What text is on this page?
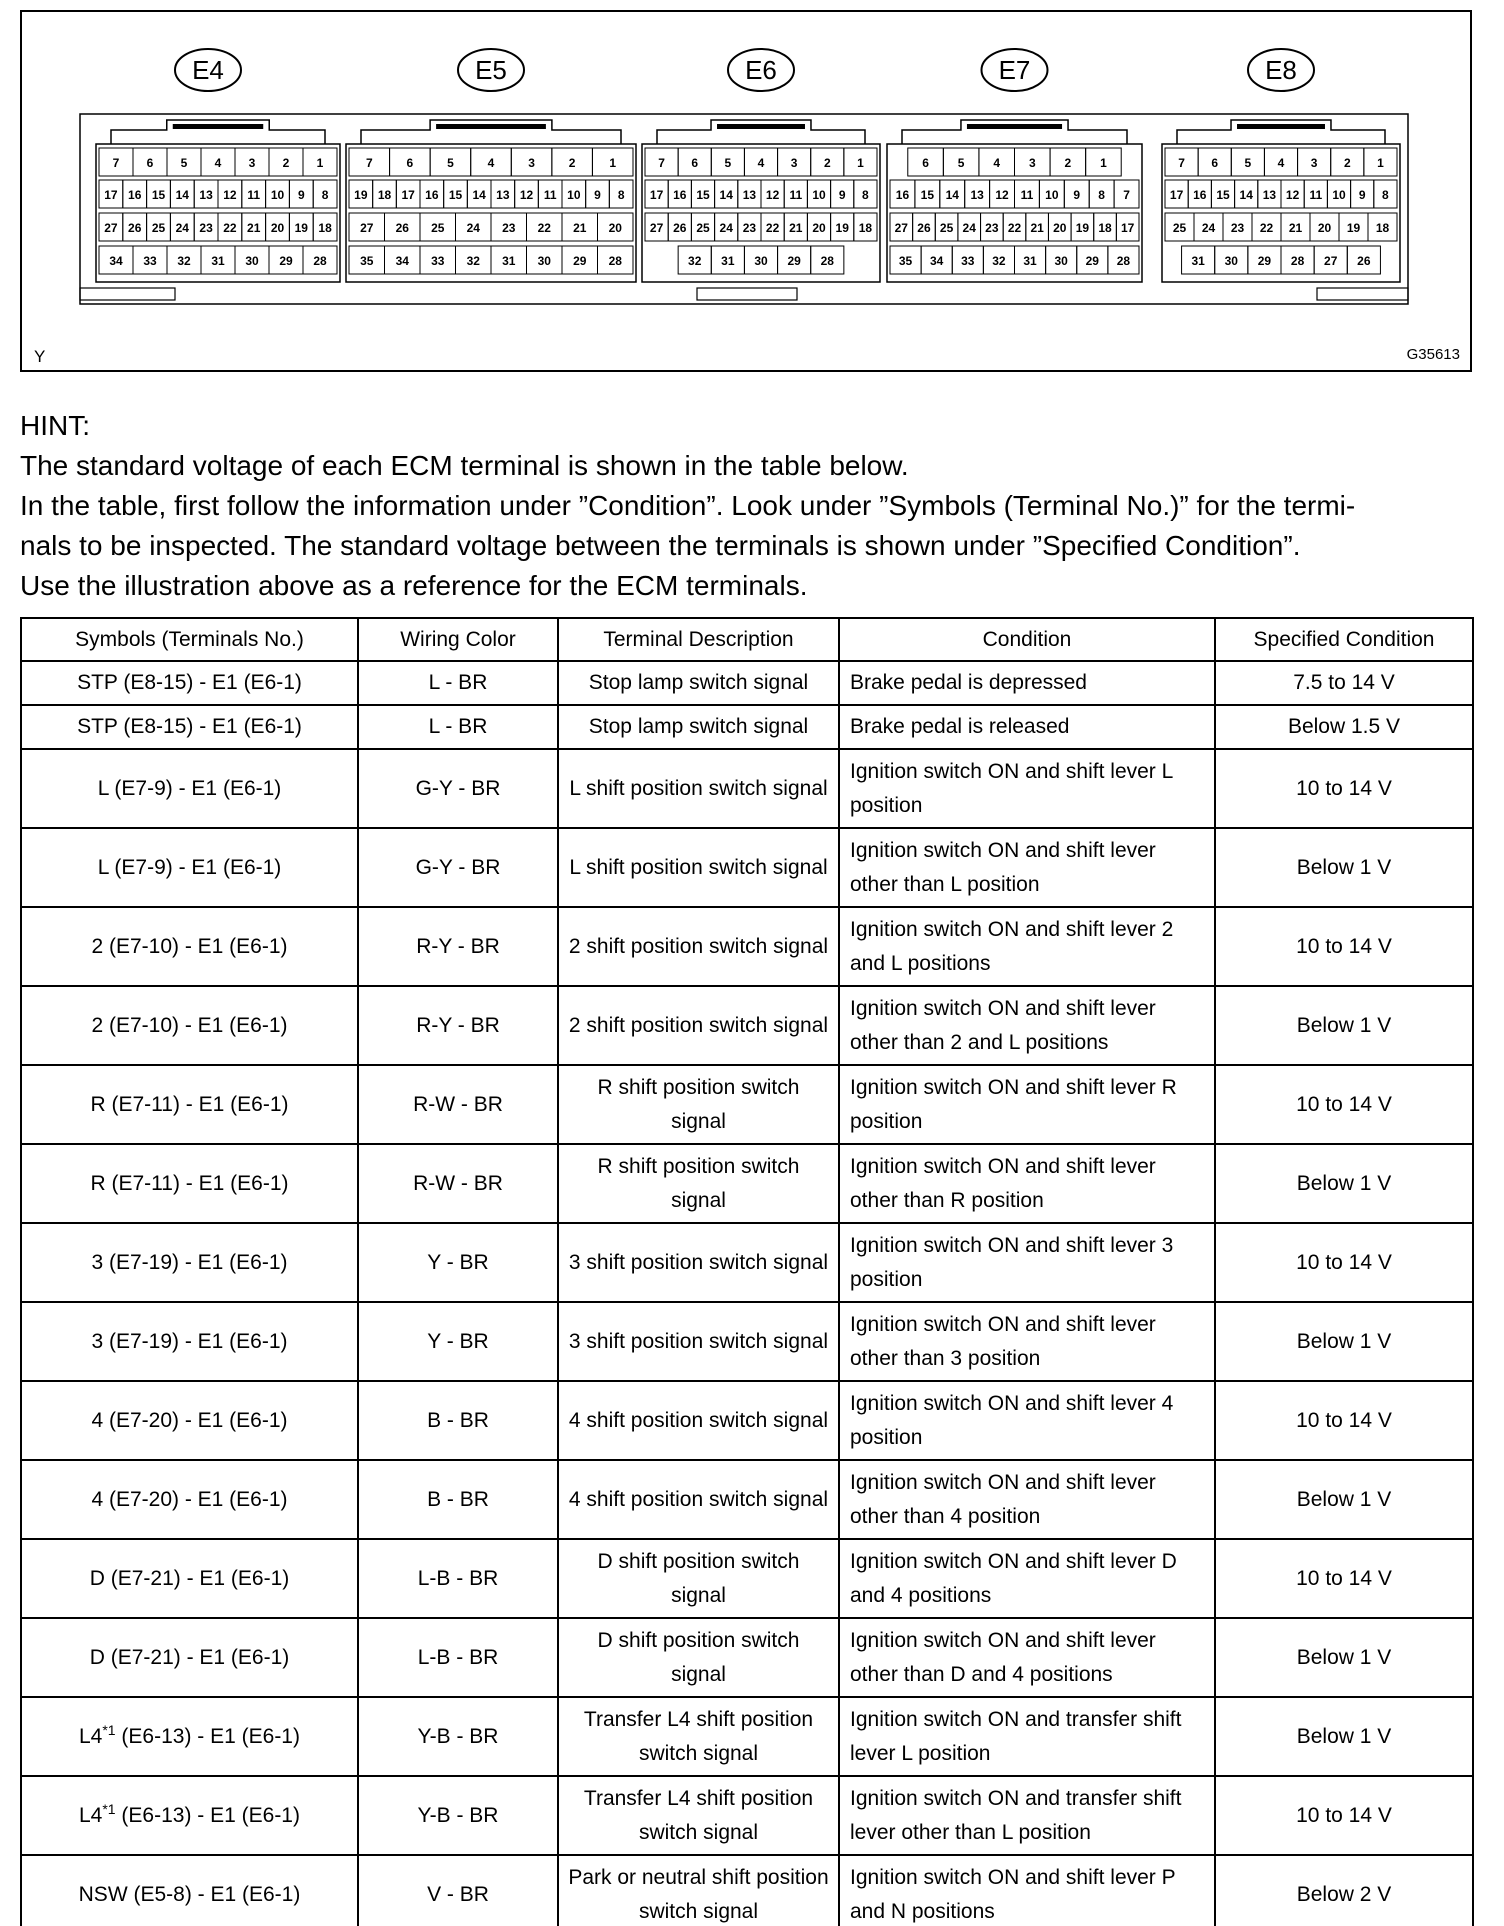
E4
7 6 5 4 3 2 1
17 16 15 14 13 12 11 10 9 8
27 26 25 24 23 22 21 20 19 18
34 33 32 31 30 29 28
E5
7	6	5	4	3	2	1
19 18 17 16 15 14 13 12 11 10 9 8
27 26 25 24 23 22 21 20
35 34 33 32 31 30 29 28
E6
7 6 5 4 3 2 1
17 16 15 14 13 12 11 10 9 8
27 26 25 24 23 22 21 20 19 18
32 31 30 29 28
E7
6 5 4 3 2 1
16 15 14 13 12 11 10 9 8 7
27 26 25 24 23 22 21 20 19 18 17
35 34 33 32 31 30 29 28
E8
7 6 5 4 3 2 1
17 16 15 14 13 12 11 10 9 8
25 24 23 22 21 20 19 18
31 30 29 28 27 26
Y	G35613

HINT:

The standard voltage of each ECM terminal is shown in the table below.

In the table, first follow the information under ”Condition”. Look under ”Symbols (Terminal No.)” for the termi-

nals to be inspected. The standard voltage between the terminals is shown under ”Specified Condition”.

Use the illustration above as a reference for the ECM terminals.

Symbols (Terminals No.)	Wiring Color	Terminal Description	Condition	Specified Condition
STP (E8-15) - E1 (E6-1)	L - BR	Stop lamp switch signal	Brake pedal is depressed	7.5 to 14 V
STP (E8-15) - E1 (E6-1)	L - BR	Stop lamp switch signal	Brake pedal is released	Below 1.5 V
L (E7-9) - E1 (E6-1)	G-Y - BR	L shift position switch signal	Ignition switch ON and shift lever L position	10 to 14 V
L (E7-9) - E1 (E6-1)	G-Y - BR	L shift position switch signal	Ignition switch ON and shift lever other than L position	Below 1 V
2 (E7-10) - E1 (E6-1)	R-Y - BR	2 shift position switch signal	Ignition switch ON and shift lever 2 and L positions	10 to 14 V
2 (E7-10) - E1 (E6-1)	R-Y - BR	2 shift position switch signal	Ignition switch ON and shift lever other than 2 and L positions	Below 1 V
R (E7-11) - E1 (E6-1)	R-W - BR	R shift position switch signal	Ignition switch ON and shift lever R position	10 to 14 V
R (E7-11) - E1 (E6-1)	R-W - BR	R shift position switch signal	Ignition switch ON and shift lever other than R position	Below 1 V
3 (E7-19) - E1 (E6-1)	Y - BR	3 shift position switch signal	Ignition switch ON and shift lever 3 position	10 to 14 V
3 (E7-19) - E1 (E6-1)	Y - BR	3 shift position switch signal	Ignition switch ON and shift lever other than 3 position	Below 1 V
4 (E7-20) - E1 (E6-1)	B - BR	4 shift position switch signal	Ignition switch ON and shift lever 4 position	10 to 14 V
4 (E7-20) - E1 (E6-1)	B - BR	4 shift position switch signal	Ignition switch ON and shift lever other than 4 position	Below 1 V
D (E7-21) - E1 (E6-1)	L-B - BR	D shift position switch signal	Ignition switch ON and shift lever D and 4 positions	10 to 14 V
D (E7-21) - E1 (E6-1)	L-B - BR	D shift position switch signal	Ignition switch ON and shift lever other than D and 4 positions	Below 1 V
L4$^{*1}$ (E6-13) - E1 (E6-1)	Y-B - BR	Transfer L4 shift position switch signal	Ignition switch ON and transfer shift lever L position	Below 1 V
L4$^{*1}$ (E6-13) - E1 (E6-1)	Y-B - BR	Transfer L4 shift position switch signal	Ignition switch ON and transfer shift lever other than L position	10 to 14 V
NSW (E5-8) - E1 (E6-1)	V - BR	Park or neutral shift position switch signal	Ignition switch ON and shift lever P and N positions	Below 2 V
